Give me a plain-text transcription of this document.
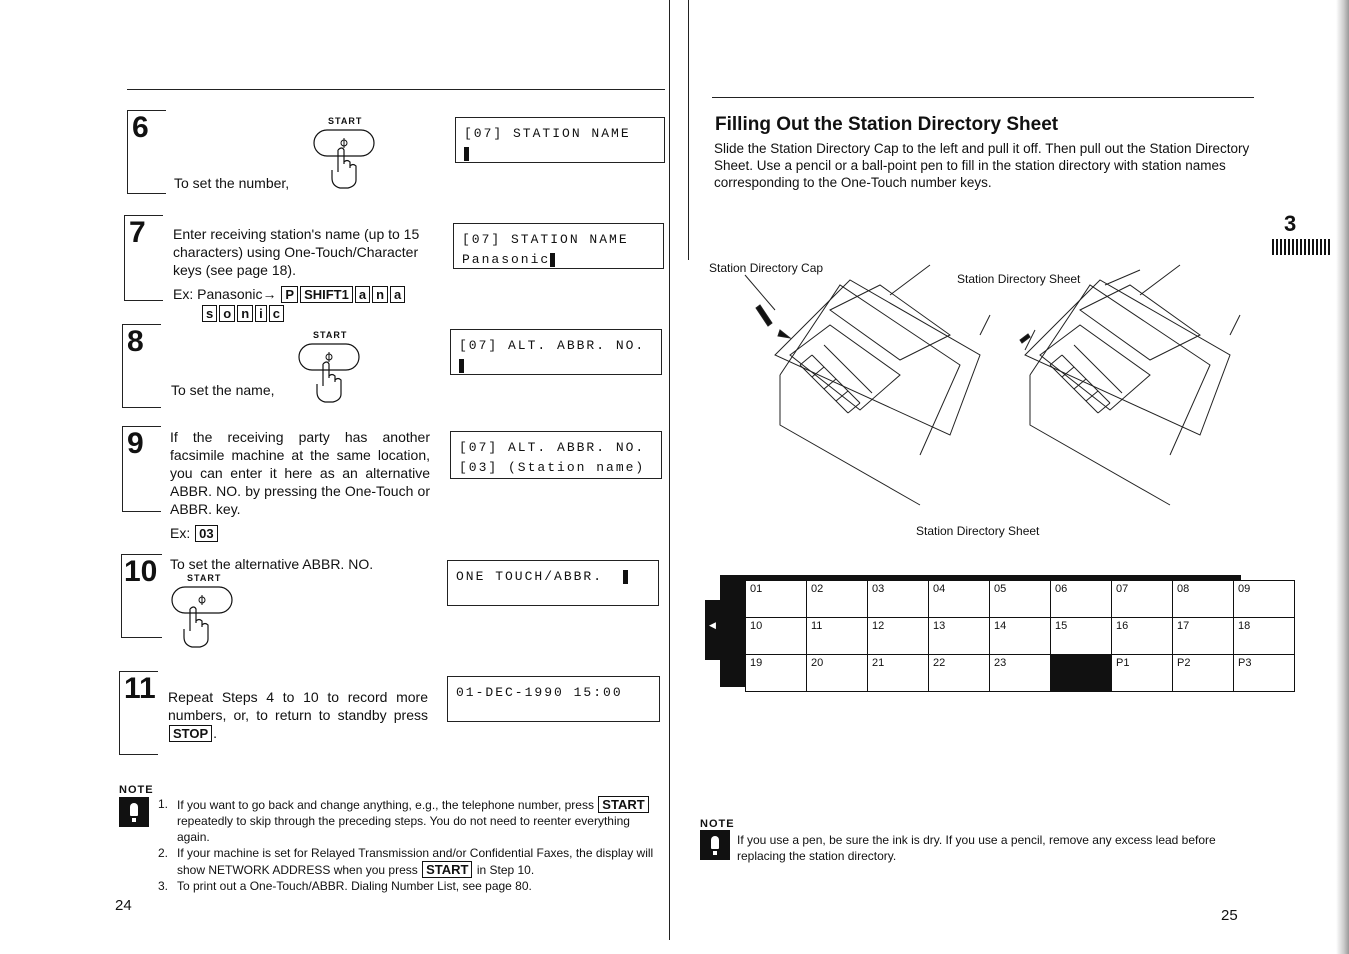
6
To set the number,
START
[07] STATION NAME
7 Enter receiving station's name (up to 15 characters) using One-Touch/Character keys (see page 18).
Ex: Panasonic→ P SHIFT1 a n a
s o n i c
[07] STATION NAME
Panasonic
8
To set the name,
START
[07] ALT. ABBR. NO.
9 If the receiving party has another facsimile machine at the same location, you can enter it here as an alternative ABBR. NO. by pressing the One-Touch or ABBR. key.
Ex: 03
[07] ALT. ABBR. NO.
[03] (Station name)
10 To set the alternative ABBR. NO.
START	ONE TOUCH/ABBR.
11 Repeat Steps 4 to 10 to record more numbers, or, to return to standby press STOP .
01-DEC-1990 15:00
NOTE
1. If you want to go back and change anything, e.g., the telephone number, press START repeatedly to skip through the preceding steps. You do not need to reenter everything again.
2. If your machine is set for Relayed Transmission and/or Confidential Faxes, the display will show NETWORK ADDRESS when you press START in Step 10.
3. To print out a One-Touch/ABBR. Dialing Number List, see page 80.
24
Filling Out the Station Directory Sheet
Slide the Station Directory Cap to the left and pull it off. Then pull out the Station Directory Sheet. Use a pencil or a ball-point pen to fill in the station directory with station names corresponding to the One-Touch number keys.
3
Station Directory Cap
Station Directory Sheet
Station Directory Sheet
◀
01	02	03	04	05	06	07	08	09
10	11	12	13	14	15	16	17	18
19	20	21	22	23		P1	P2	P3
NOTE
If you use a pen, be sure the ink is dry. If you use a pencil, remove any excess lead before replacing the station directory.
25
